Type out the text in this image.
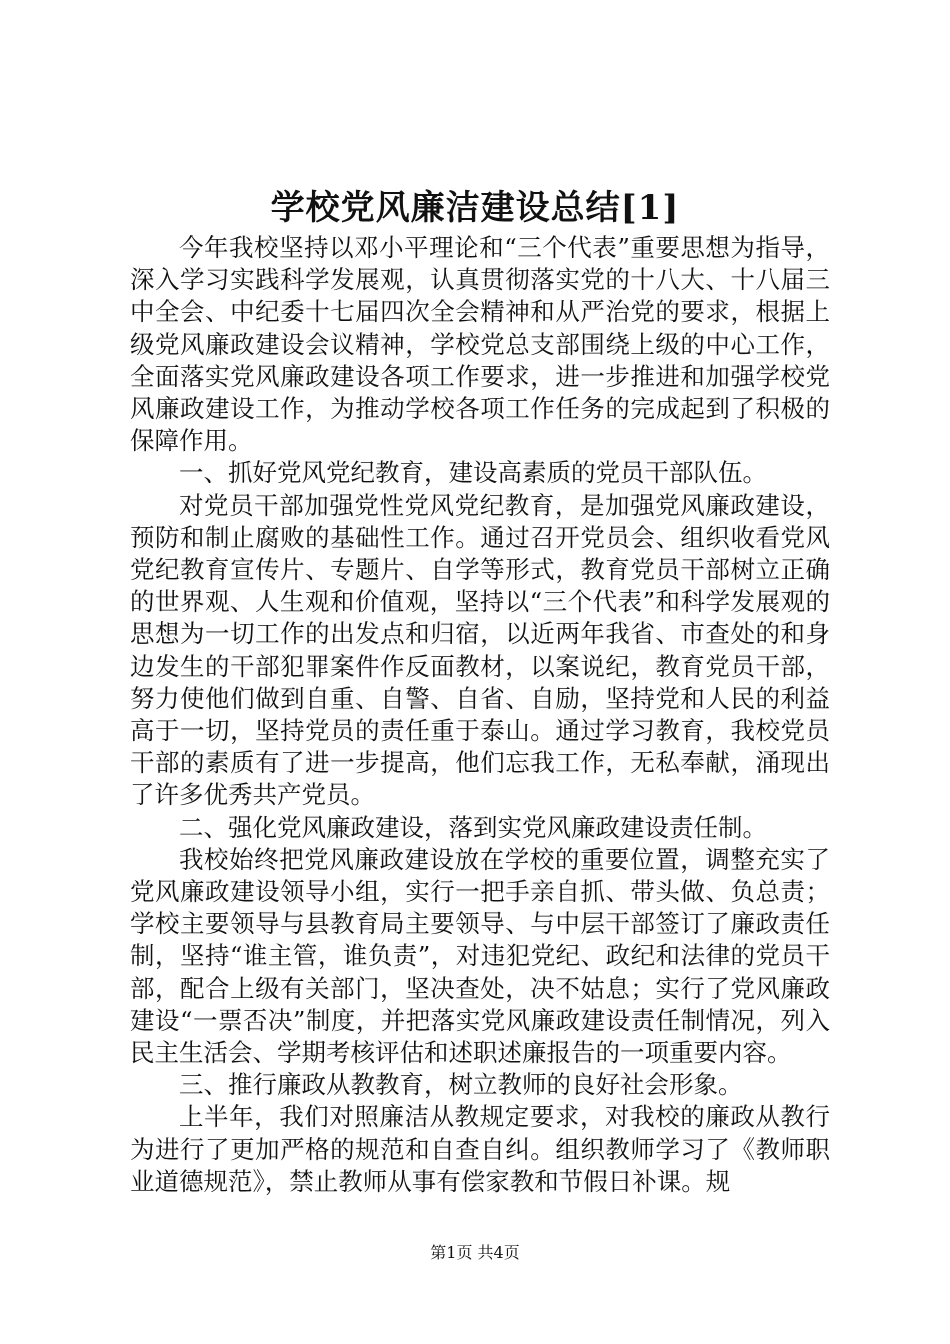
学校党风廉洁建设总结[1]

今年我校坚持以邓小平理论和“三个代表”重要思想为指导，深入学习实践科学发展观，认真贯彻落实党的十八大、十八届三中全会、中纪委十七届四次全会精神和从严治党的要求，根据上级党风廉政建设会议精神，学校党总支部围绕上级的中心工作，全面落实党风廉政建设各项工作要求，进一步推进和加强学校党风廉政建设工作，为推动学校各项工作任务的完成起到了积极的保障作用。

一、抓好党风党纪教育，建设高素质的党员干部队伍。

对党员干部加强党性党风党纪教育，是加强党风廉政建设，预防和制止腐败的基础性工作。通过召开党员会、组织收看党风党纪教育宣传片、专题片、自学等形式，教育党员干部树立正确的世界观、人生观和价值观，坚持以“三个代表”和科学发展观的思想为一切工作的出发点和归宿，以近两年我省、市查处的和身边发生的干部犯罪案件作反面教材，以案说纪，教育党员干部，努力使他们做到自重、自警、自省、自励，坚持党和人民的利益高于一切，坚持党员的责任重于泰山。通过学习教育，我校党员干部的素质有了进一步提高，他们忘我工作，无私奉献，涌现出了许多优秀共产党员。

二、强化党风廉政建设，落到实党风廉政建设责任制。

我校始终把党风廉政建设放在学校的重要位置，调整充实了党风廉政建设领导小组，实行一把手亲自抓、带头做、负总责；学校主要领导与县教育局主要领导、与中层干部签订了廉政责任制，坚持“谁主管，谁负责”，对违犯党纪、政纪和法律的党员干部，配合上级有关部门，坚决查处，决不姑息；实行了党风廉政建设“一票否决”制度，并把落实党风廉政建设责任制情况，列入民主生活会、学期考核评估和述职述廉报告的一项重要内容。

三、推行廉政从教教育，树立教师的良好社会形象。

上半年，我们对照廉洁从教规定要求，对我校的廉政从教行为进行了更加严格的规范和自查自纠。组织教师学习了《教师职业道德规范》，禁止教师从事有偿家教和节假日补课。规

第1页 共4页
